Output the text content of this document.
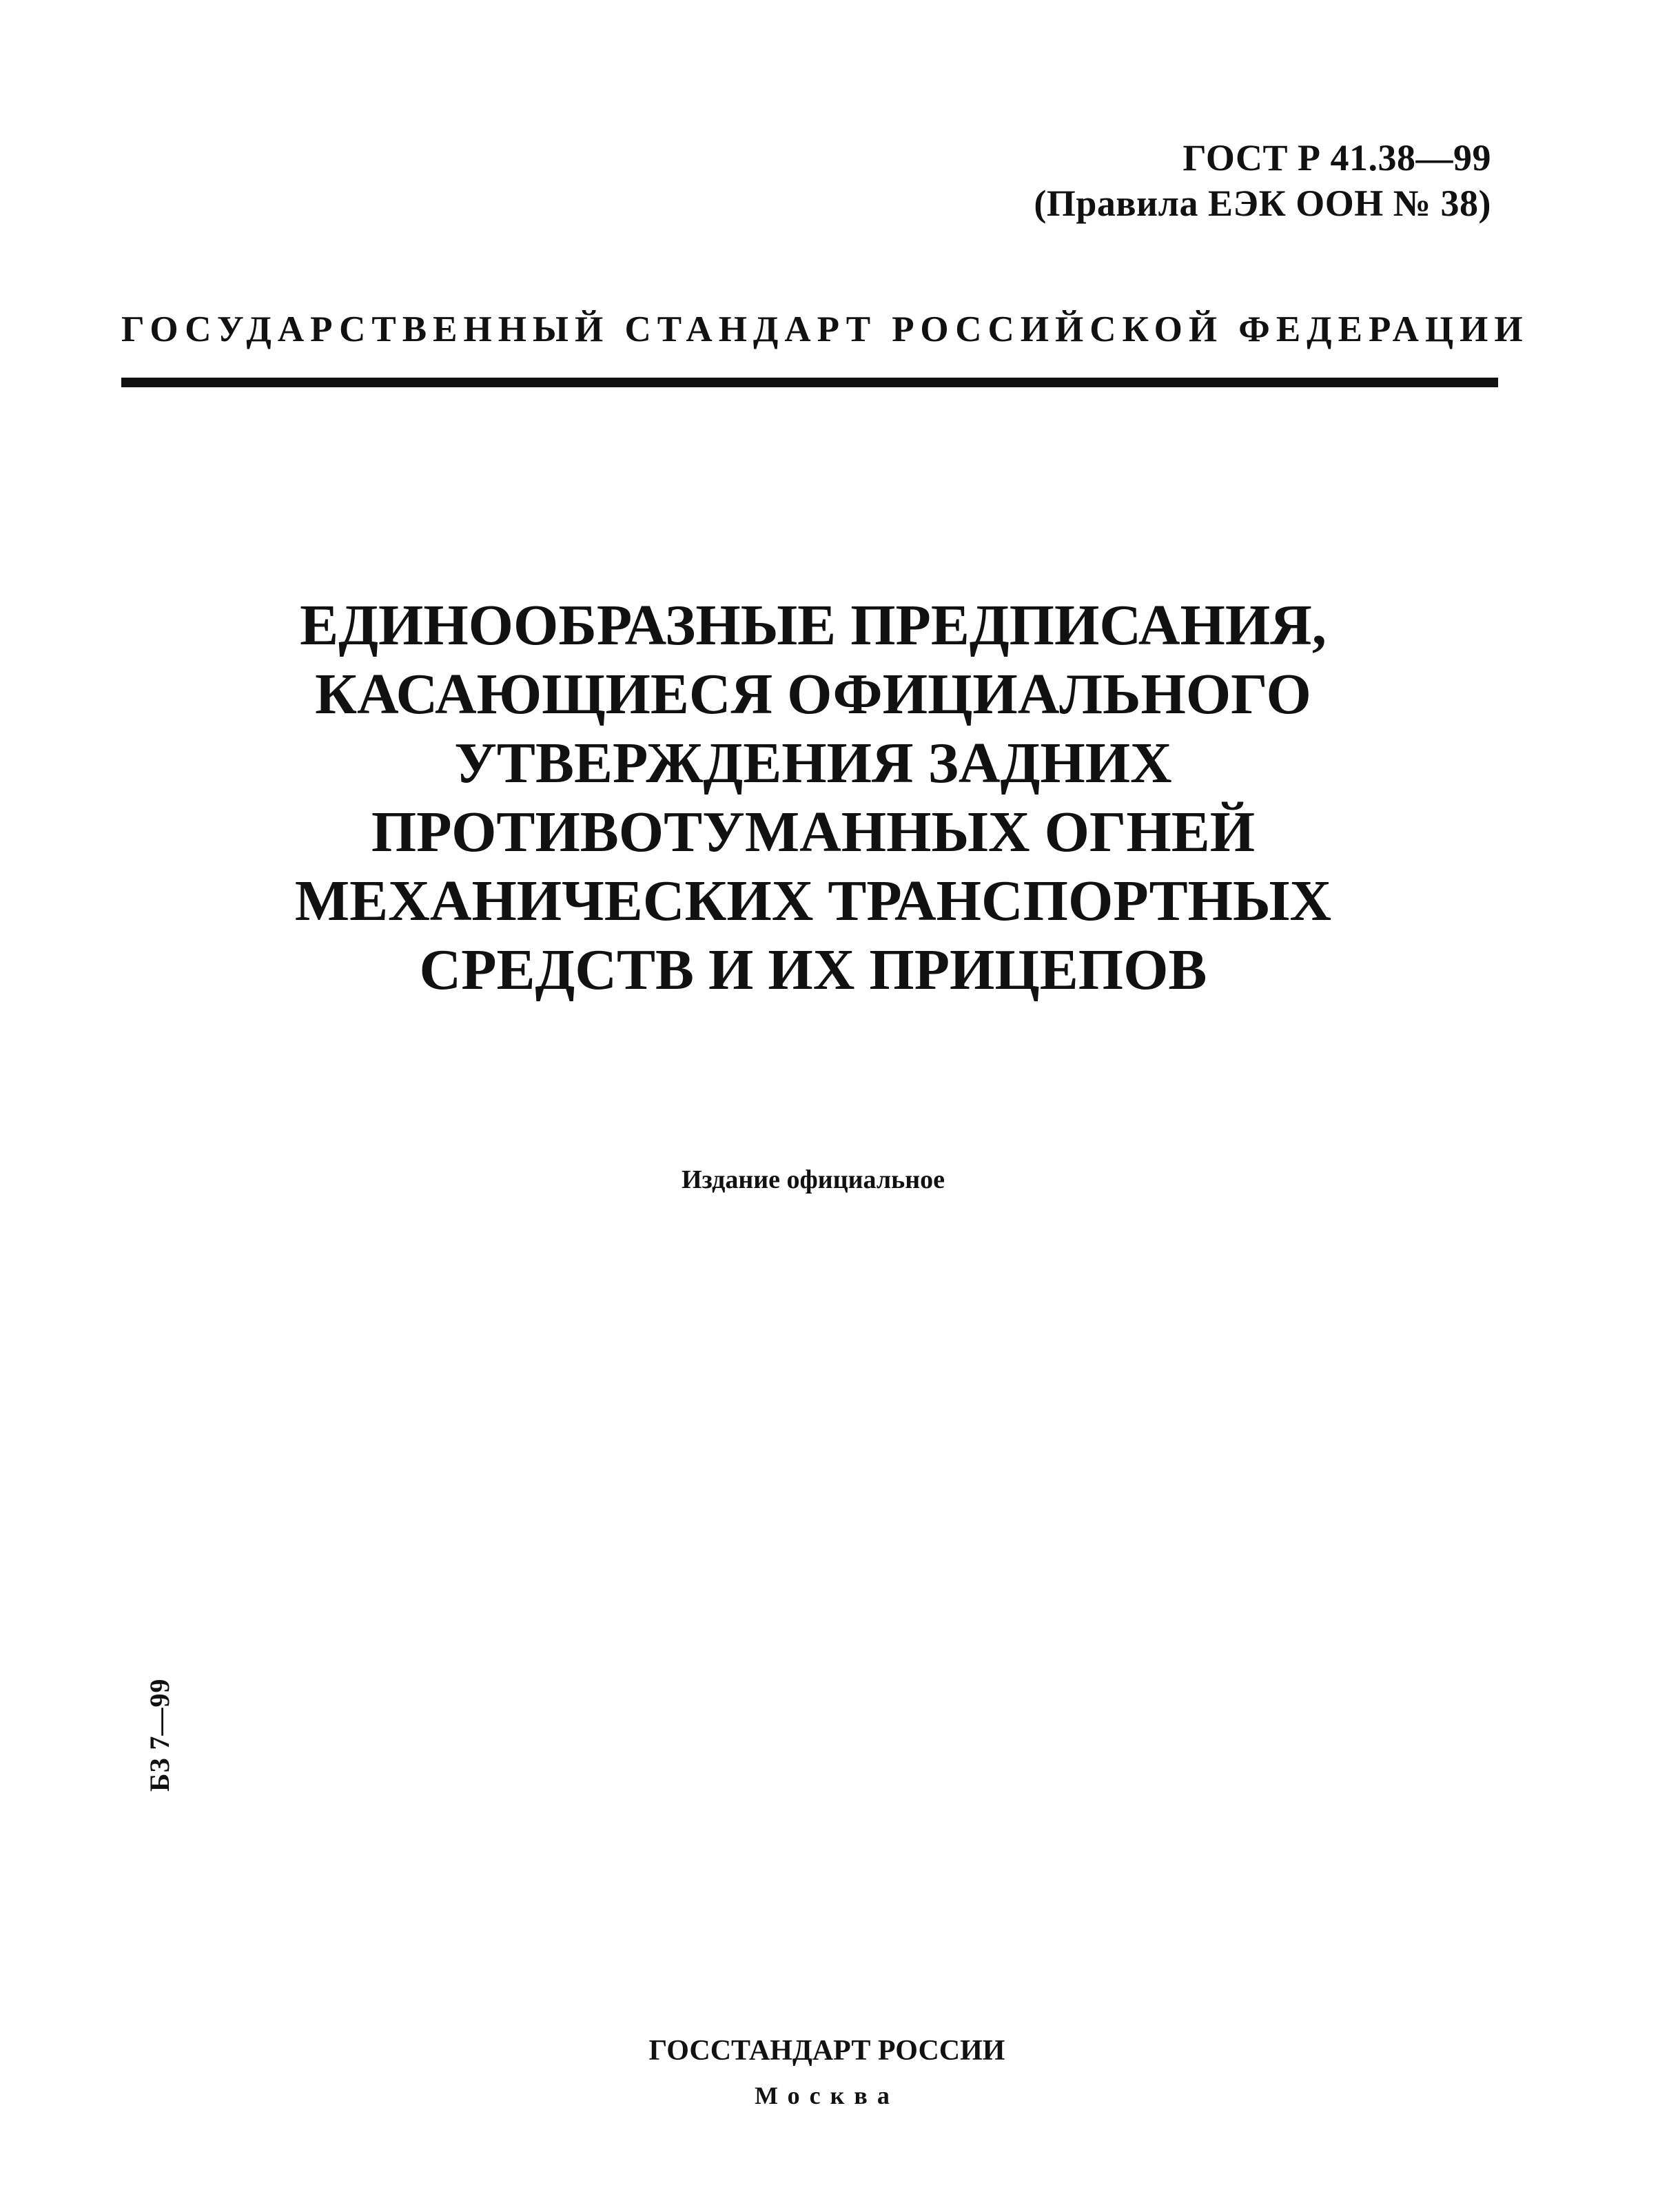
ГОСТ Р 41.38—99
(Правила ЕЭК ООН № 38)
ГОСУДАРСТВЕННЫЙ СТАНДАРТ РОССИЙСКОЙ ФЕДЕРАЦИИ
ЕДИНООБРАЗНЫЕ ПРЕДПИСАНИЯ,
КАСАЮЩИЕСЯ ОФИЦИАЛЬНОГО
УТВЕРЖДЕНИЯ ЗАДНИХ
ПРОТИВОТУМАННЫХ ОГНЕЙ
МЕХАНИЧЕСКИХ ТРАНСПОРТНЫХ
СРЕДСТВ И ИХ ПРИЦЕПОВ
Издание официальное
БЗ 7—99
ГОССТАНДАРТ РОССИИ
Москва
